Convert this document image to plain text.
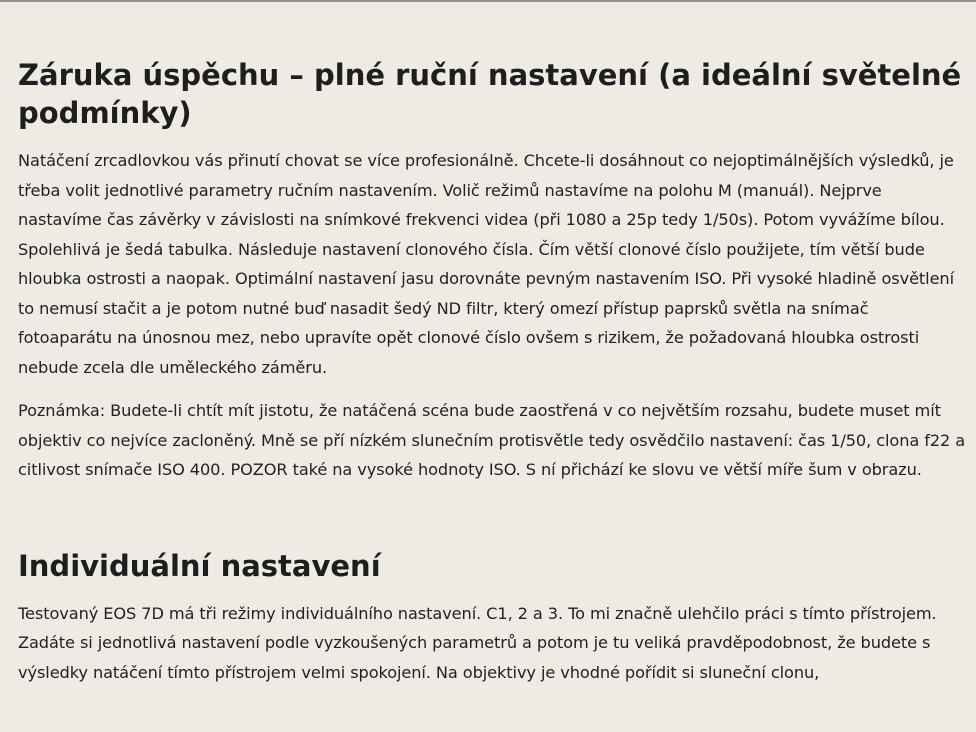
Záruka úspěchu – plné ruční nastavení (a ideální světelné podmínky)

Natáčení zrcadlovkou vás přinutí chovat se více profesionálně. Chcete-li dosáhnout co nejoptimálnějších výsledků, je třeba volit jednotlivé parametry ručním nastavením. Volič režimů nastavíme na polohu M (manuál). Nejprve nastavíme čas závěrky v závislosti na snímkové frekvenci videa (při 1080 a 25p tedy 1/50s). Potom vyvážíme bílou. Spolehlivá je šedá tabulka. Následuje nastavení clonového čísla. Čím větší clonové číslo použijete, tím větší bude hloubka ostrosti a naopak. Optimální nastavení jasu dorovnáte pevným nastavením ISO. Při vysoké hladině osvětlení to nemusí stačit a je potom nutné buď nasadit šedý ND filtr, který omezí přístup paprsků světla na snímač fotoaparátu na únosnou mez, nebo upravíte opět clonové číslo ovšem s rizikem, že požadovaná hloubka ostrosti nebude zcela dle uměleckého záměru.

Poznámka: Budete-li chtít mít jistotu, že natáčená scéna bude zaostřená v co největším rozsahu, budete muset mít objektiv co nejvíce zacloněný. Mně se pří nízkém slunečním protisvětle tedy osvědčilo nastavení: čas 1/50, clona f22 a citlivost snímače ISO 400. POZOR také na vysoké hodnoty ISO. S ní přichází ke slovu ve větší míře šum v obrazu.

Individuální nastavení

Testovaný EOS 7D má tři režimy individuálního nastavení. C1, 2 a 3. To mi značně ulehčilo práci s tímto přístrojem. Zadáte si jednotlivá nastavení podle vyzkoušených parametrů a potom je tu veliká pravděpodobnost, že budete s výsledky natáčení tímto přístrojem velmi spokojení. Na objektivy je vhodné pořídit si sluneční clonu,
